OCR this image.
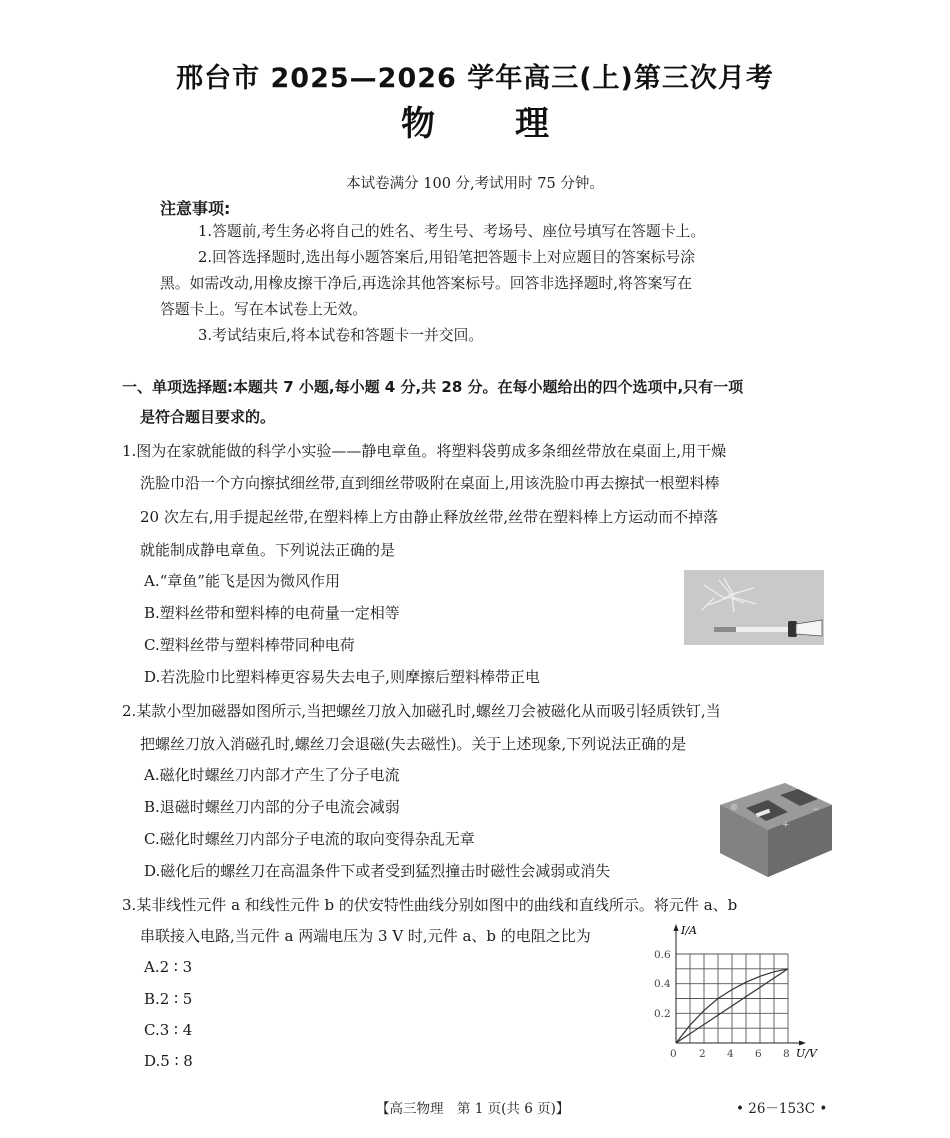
邢台市 2025—2026 学年高三(上)第三次月考
物 理
本试卷满分 100 分,考试用时 75 分钟。
注意事项:
1.答题前,考生务必将自己的姓名、考生号、考场号、座位号填写在答题卡上。
2.回答选择题时,选出每小题答案后,用铅笔把答题卡上对应题目的答案标号涂
黑。如需改动,用橡皮擦干净后,再选涂其他答案标号。回答非选择题时,将答案写在
答题卡上。写在本试卷上无效。
3.考试结束后,将本试卷和答题卡一并交回。
一、单项选择题:本题共 7 小题,每小题 4 分,共 28 分。在每小题给出的四个选项中,只有一项
是符合题目要求的。
1.图为在家就能做的科学小实验——静电章鱼。将塑料袋剪成多条细丝带放在桌面上,用干燥
洗脸巾沿一个方向擦拭细丝带,直到细丝带吸附在桌面上,用该洗脸巾再去擦拭一根塑料棒
20 次左右,用手提起丝带,在塑料棒上方由静止释放丝带,丝带在塑料棒上方运动而不掉落
就能制成静电章鱼。下列说法正确的是
A.“章鱼”能飞是因为微风作用
B.塑料丝带和塑料棒的电荷量一定相等
C.塑料丝带与塑料棒带同种电荷
D.若洗脸巾比塑料棒更容易失去电子,则摩擦后塑料棒带正电
2.某款小型加磁器如图所示,当把螺丝刀放入加磁孔时,螺丝刀会被磁化从而吸引轻质铁钉,当
把螺丝刀放入消磁孔时,螺丝刀会退磁(失去磁性)。关于上述现象,下列说法正确的是
A.磁化时螺丝刀内部才产生了分子电流
B.退磁时螺丝刀内部的分子电流会减弱
C.磁化时螺丝刀内部分子电流的取向变得杂乱无章
D.磁化后的螺丝刀在高温条件下或者受到猛烈撞击时磁性会减弱或消失
+
−
3.某非线性元件 a 和线性元件 b 的伏安特性曲线分别如图中的曲线和直线所示。将元件 a、b
串联接入电路,当元件 a 两端电压为 3 V 时,元件 a、b 的电阻之比为
A.2 ∶ 3
B.2 ∶ 5
C.3 ∶ 4
D.5 ∶ 8
I/A
U/V
0 2 4 6 8
0.2
0.4
0.6
【高三物理　第 1 页(共 6 页)】	• 26－153C •
